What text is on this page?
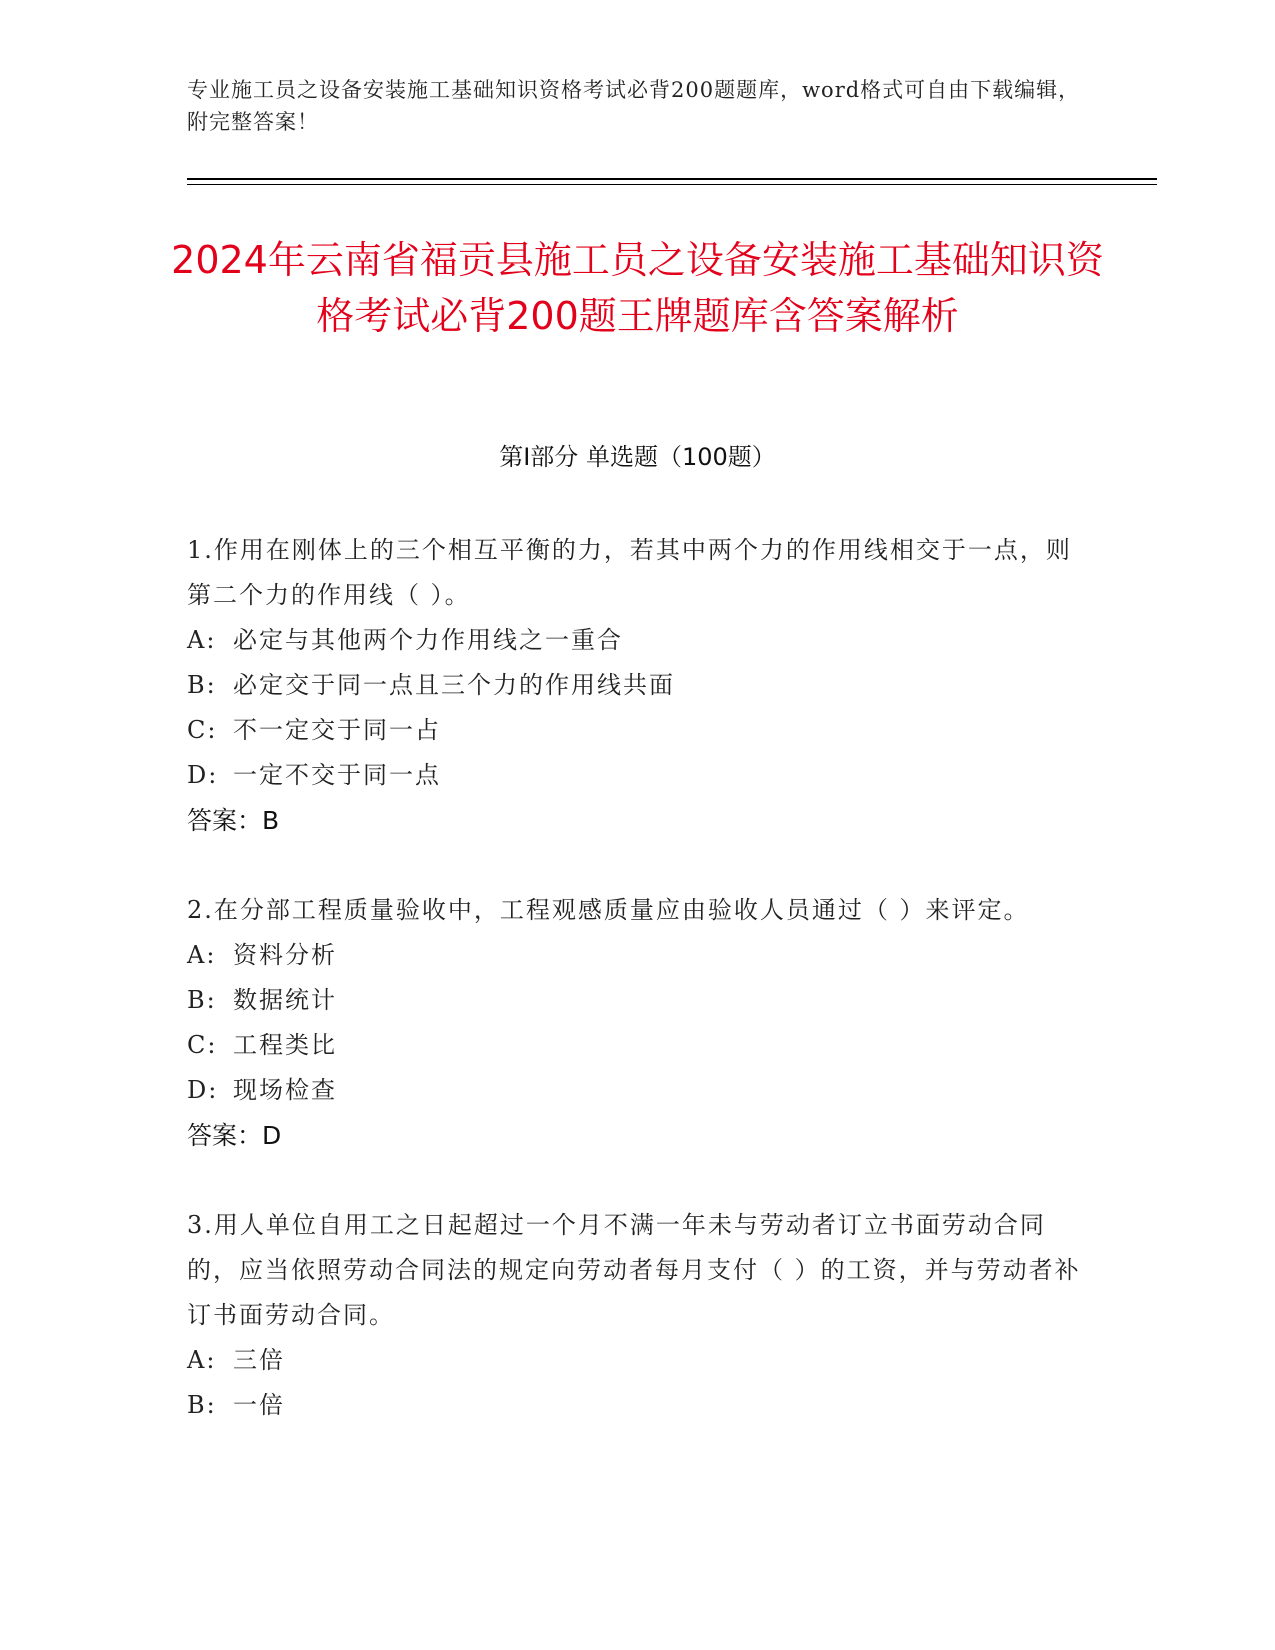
专业施工员之设备安装施工基础知识资格考试必背200题题库，word格式可自由下载编辑，附完整答案！
2024年云南省福贡县施工员之设备安装施工基础知识资格考试必背200题王牌题库含答案解析
第Ⅰ部分 单选题（100题）

1.作用在刚体上的三个相互平衡的力，若其中两个力的作用线相交于一点，则第二个力的作用线（ ）。

A: 必定与其他两个力作用线之一重合

B: 必定交于同一点且三个力的作用线共面

C: 不一定交于同一占

D: 一定不交于同一点

答案：B

2.在分部工程质量验收中，工程观感质量应由验收人员通过（ ）来评定。

A: 资料分析

B: 数据统计

C: 工程类比

D: 现场检查

答案：D

3.用人单位自用工之日起超过一个月不满一年未与劳动者订立书面劳动合同的，应当依照劳动合同法的规定向劳动者每月支付（ ）的工资，并与劳动者补订书面劳动合同。

A: 三倍

B: 一倍
